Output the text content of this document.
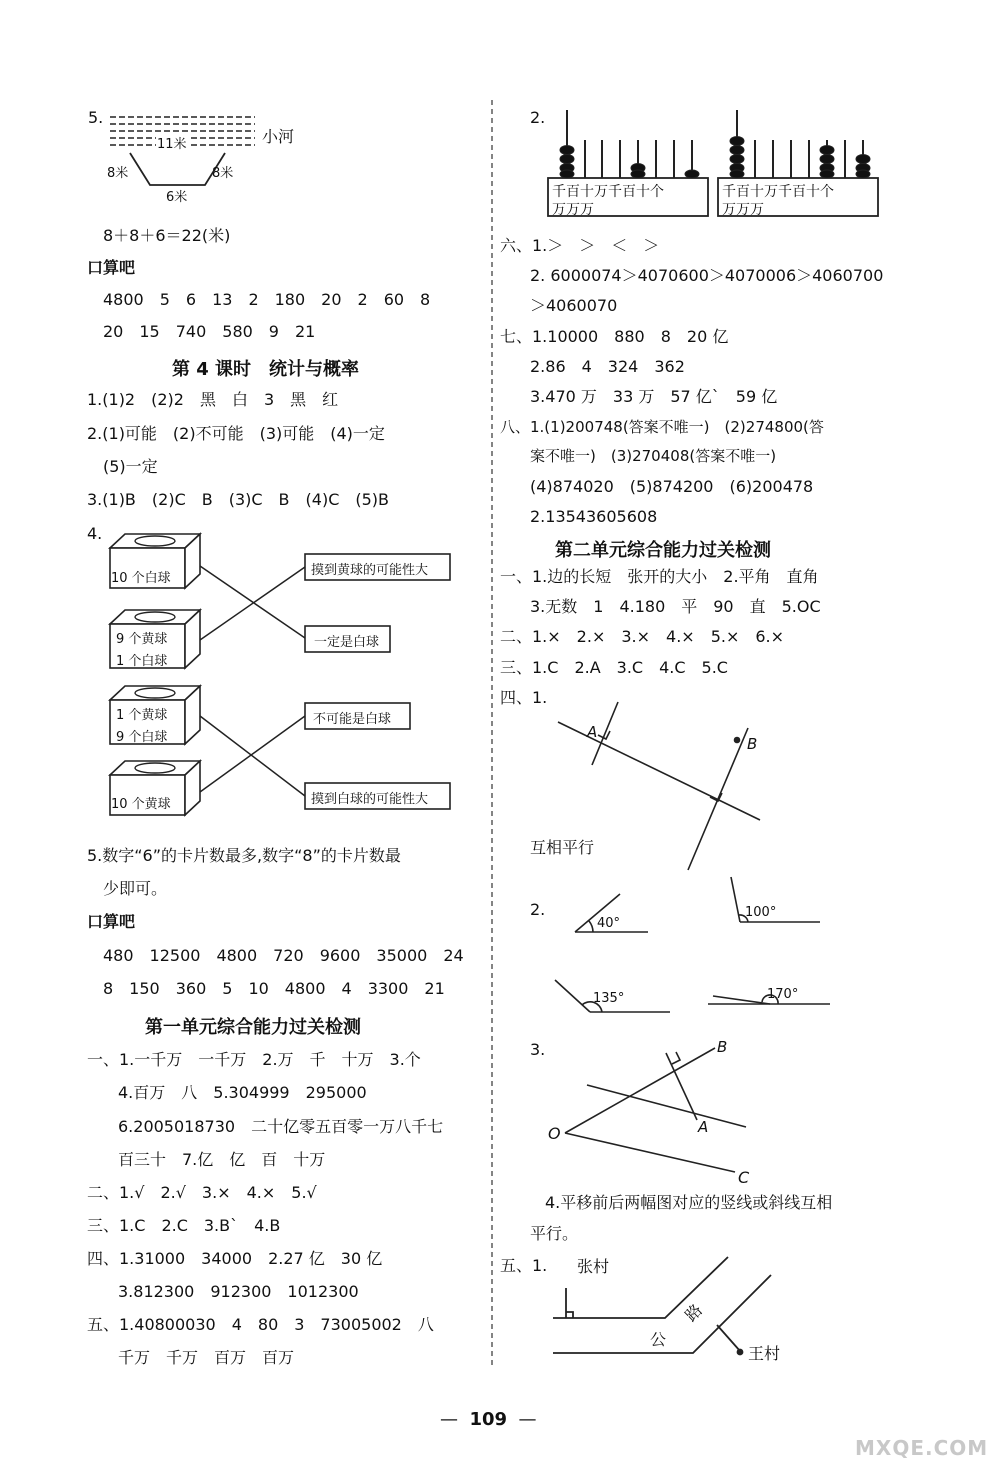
5.
小河
11米
8米	8米
6米
8＋8＋6＝22(米)
口算吧
4800　5　6　13　2　180　20　2　60　8
20　15　740　580　9　21
第 4 课时　统计与概率
1.(1)2　(2)2　黑　白　3　黑　红
2.(1)可能　(2)不可能　(3)可能　(4)一定
(5)一定
3.(1)B　(2)C　B　(3)C　B　(4)C　(5)B
4.
10 个白球
9 个黄球
1 个白球
1 个黄球
9 个白球
10 个黄球
摸到黄球的可能性大
一定是白球
不可能是白球
摸到白球的可能性大
5.数字“6”的卡片数最多,数字“8”的卡片数最
少即可。
口算吧
480　12500　4800　720　9600　35000　24
8　150　360　5　10　4800　4　3300　21
第一单元综合能力过关检测
一、1.一千万　一千万　2.万　千　十万　3.个
4.百万　八　5.304999　295000
6.2005018730　二十亿零五百零一万八千七
百三十　7.亿　亿　百　十万
二、1.√　2.√　3.×　4.×　5.√
三、1.C　2.C　3.B`　4.B
四、1.31000　34000　2.27 亿　30 亿
3.812300　912300　1012300
五、1.40800030　4　80　3　73005002　八
千万　千万　百万　百万
2.
千百十万千百十个
万万万
千百十万千百十个
万万万
六、1.＞　＞　＜　＞
2. 6000074＞4070600＞4070006＞4060700
＞4060070
七、1.10000　880　8　20 亿
2.86　4　324　362
3.470 万　33 万　57 亿`　59 亿
八、1.(1)200748(答案不唯一)　(2)274800(答
案不唯一)　(3)270408(答案不唯一)
(4)874020　(5)874200　(6)200478
2.13543605608
第二单元综合能力过关检测
一、1.边的长短　张开的大小　2.平角　直角
3.无数　1　4.180　平　90　直　5.OC
二、1.×　2.×　3.×　4.×　5.×　6.×
三、1.C　2.A　3.C　4.C　5.C
四、1.
A
B
互相平行
2.
40°
100°
135°	170°
3.	B
A
O
C
4.平移前后两幅图对应的竖线或斜线互相
平行。
五、1. 张村
公
路
王村
—  109  —
MXQE.COM
